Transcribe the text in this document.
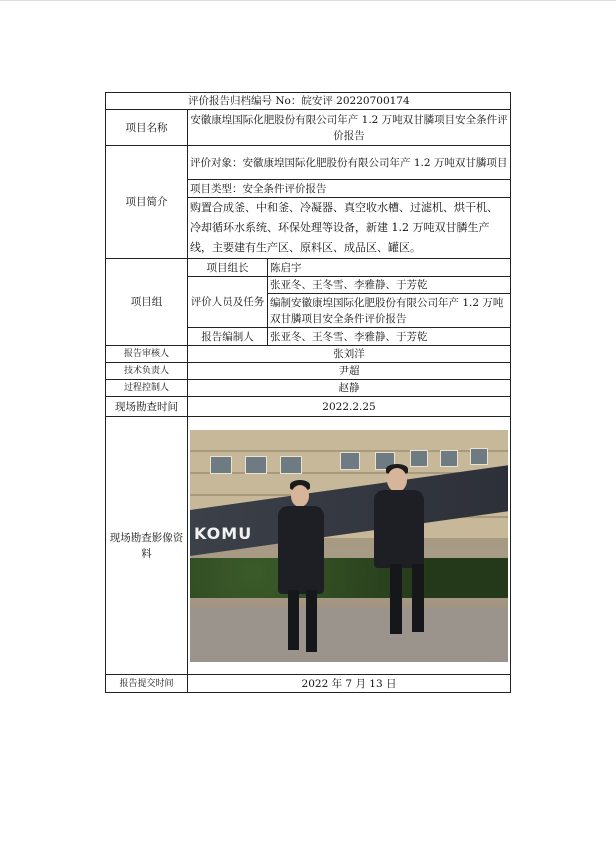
评价报告归档编号 No：皖安评 20220700174		
项目名称	安徽康堭国际化肥股份有限公司年产 1.2 万吨双甘膦项目安全条件评价报告	
项目简介	评价对象：安徽康堭国际化肥股份有限公司年产 1.2 万吨双甘膦项目	
	项目类型：安全条件评价报告	
	购置合成釜、中和釜、冷凝器、真空收水槽、过滤机、烘干机、冷却循环水系统、环保处理等设备，新建 1.2 万吨双甘膦生产线，主要建有生产区、原料区、成品区、罐区。	
项目组	项目组长	陈启宇
	评价人员及任务	张亚冬、王冬雪、李雅静、于芳乾
		编制安徽康堭国际化肥股份有限公司年产 1.2 万吨双甘膦项目安全条件评价报告
	报告编制人	张亚冬、王冬雪、李雅静、于芳乾
报告审核人	张刘洋	
技术负责人	尹超	
过程控制人	赵静	
现场勘查时间	2022.2.25	
现场勘查影像资料	KOMU	

报告提交时间	2022 年 7 月 13 日	
